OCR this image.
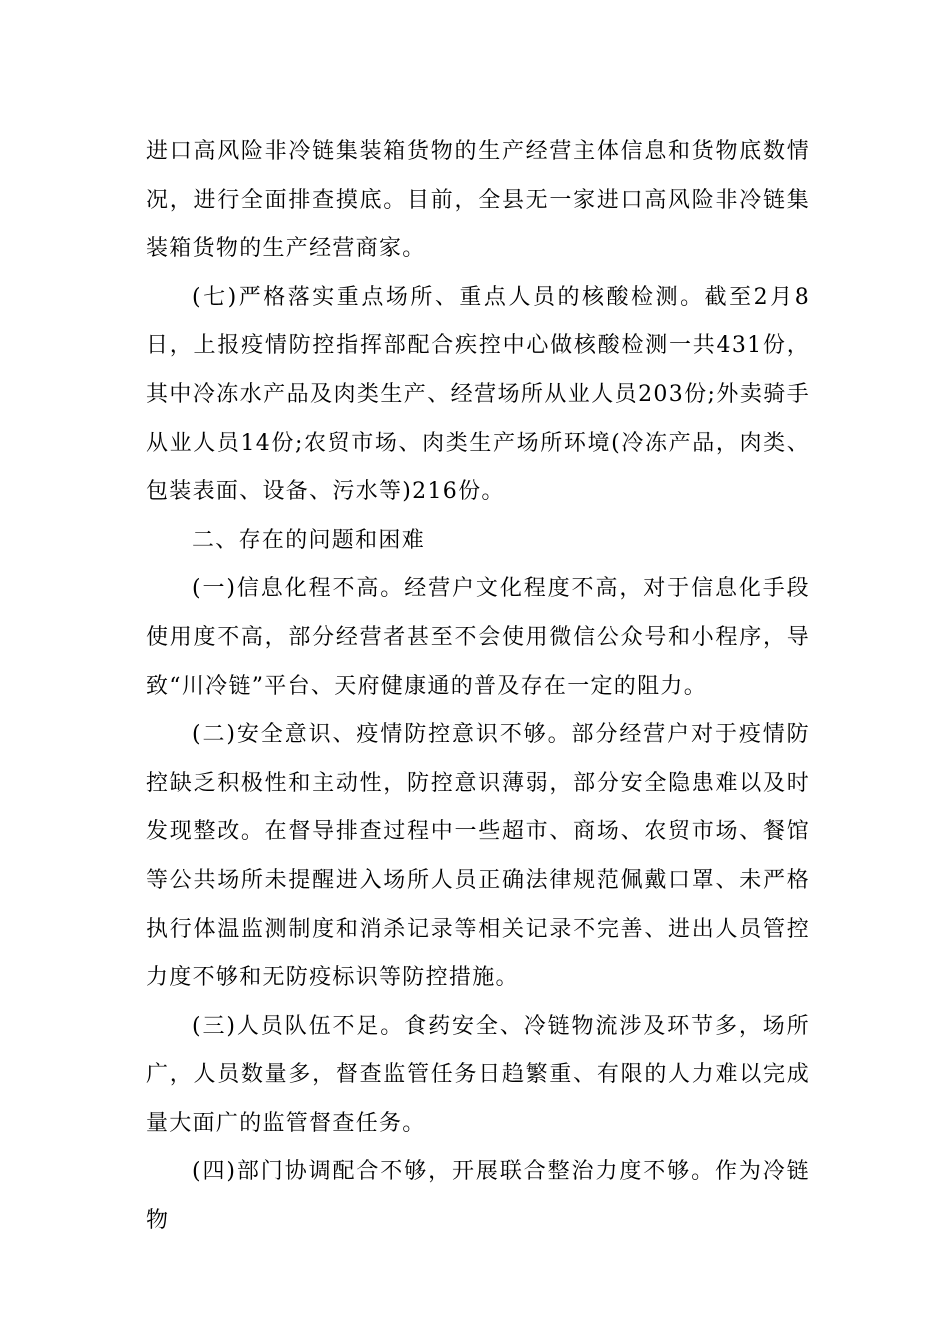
进口高风险非冷链集装箱货物的生产经营主体信息和货物底数情况，进行全面排查摸底。目前，全县无一家进口高风险非冷链集装箱货物的生产经营商家。

(七)严格落实重点场所、重点人员的核酸检测。截至2月8日，上报疫情防控指挥部配合疾控中心做核酸检测一共431份，其中冷冻水产品及肉类生产、经营场所从业人员203份;外卖骑手从业人员14份;农贸市场、肉类生产场所环境(冷冻产品，肉类、包装表面、设备、污水等)216份。

二、存在的问题和困难

(一)信息化程不高。经营户文化程度不高，对于信息化手段使用度不高，部分经营者甚至不会使用微信公众号和小程序，导致“川冷链”平台、天府健康通的普及存在一定的阻力。

(二)安全意识、疫情防控意识不够。部分经营户对于疫情防控缺乏积极性和主动性，防控意识薄弱，部分安全隐患难以及时发现整改。在督导排查过程中一些超市、商场、农贸市场、餐馆等公共场所未提醒进入场所人员正确法律规范佩戴口罩、未严格执行体温监测制度和消杀记录等相关记录不完善、进出人员管控力度不够和无防疫标识等防控措施。

(三)人员队伍不足。食药安全、冷链物流涉及环节多，场所广，人员数量多，督查监管任务日趋繁重、有限的人力难以完成量大面广的监管督查任务。

(四)部门协调配合不够，开展联合整治力度不够。作为冷链物
